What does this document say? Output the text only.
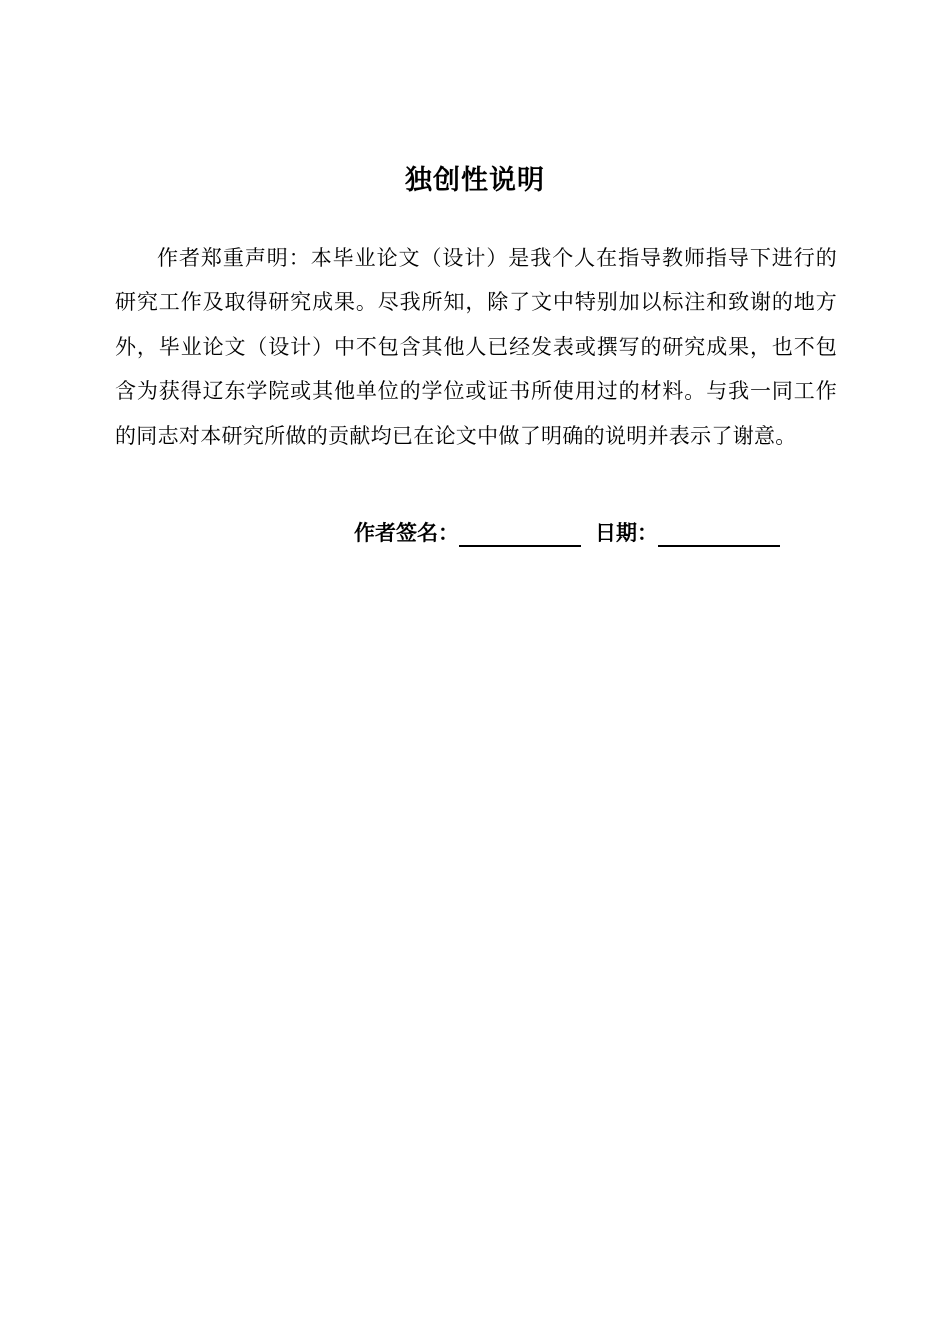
独创性说明

作者郑重声明：本毕业论文（设计）是我个人在指导教师指导下进行的研究工作及取得研究成果。尽我所知，除了文中特别加以标注和致谢的地方外，毕业论文（设计）中不包含其他人已经发表或撰写的研究成果，也不包含为获得辽东学院或其他单位的学位或证书所使用过的材料。与我一同工作的同志对本研究所做的贡献均已在论文中做了明确的说明并表示了谢意。

作者签名：	日期：
